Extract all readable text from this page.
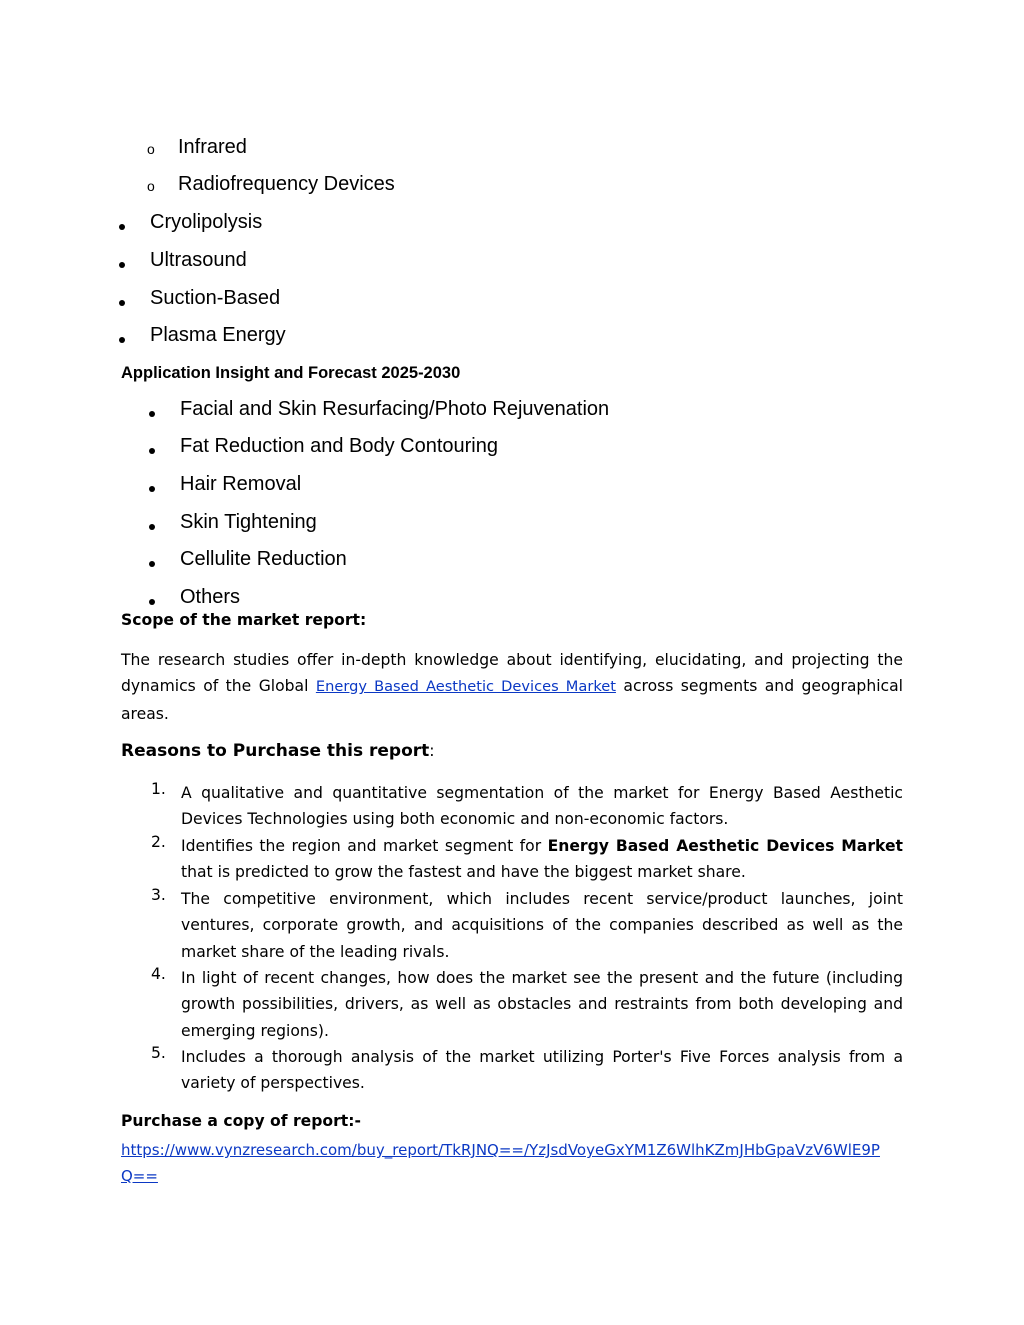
o Infrared
o Radiofrequency Devices
Cryolipolysis
Ultrasound
Suction-Based
Plasma Energy
Application Insight and Forecast 2025-2030
Facial and Skin Resurfacing/Photo Rejuvenation
Fat Reduction and Body Contouring
Hair Removal
Skin Tightening
Cellulite Reduction
Others
Scope of the market report:
The research studies offer in-depth knowledge about identifying, elucidating, and projecting the dynamics of the Global Energy Based Aesthetic Devices Market across segments and geographical areas.
Reasons to Purchase this report:
1. A qualitative and quantitative segmentation of the market for Energy Based Aesthetic Devices Technologies using both economic and non-economic factors.
2. Identifies the region and market segment for Energy Based Aesthetic Devices Market that is predicted to grow the fastest and have the biggest market share.
3. The competitive environment, which includes recent service/product launches, joint ventures, corporate growth, and acquisitions of the companies described as well as the market share of the leading rivals.
4. In light of recent changes, how does the market see the present and the future (including growth possibilities, drivers, as well as obstacles and restraints from both developing and emerging regions).
5. Includes a thorough analysis of the market utilizing Porter's Five Forces analysis from a variety of perspectives.
Purchase a copy of report:-
https://www.vynzresearch.com/buy_report/TkRJNQ==/YzJsdVoyeGxYM1Z6WlhKZmJHbGpaVzV6WlE9P
Q==
